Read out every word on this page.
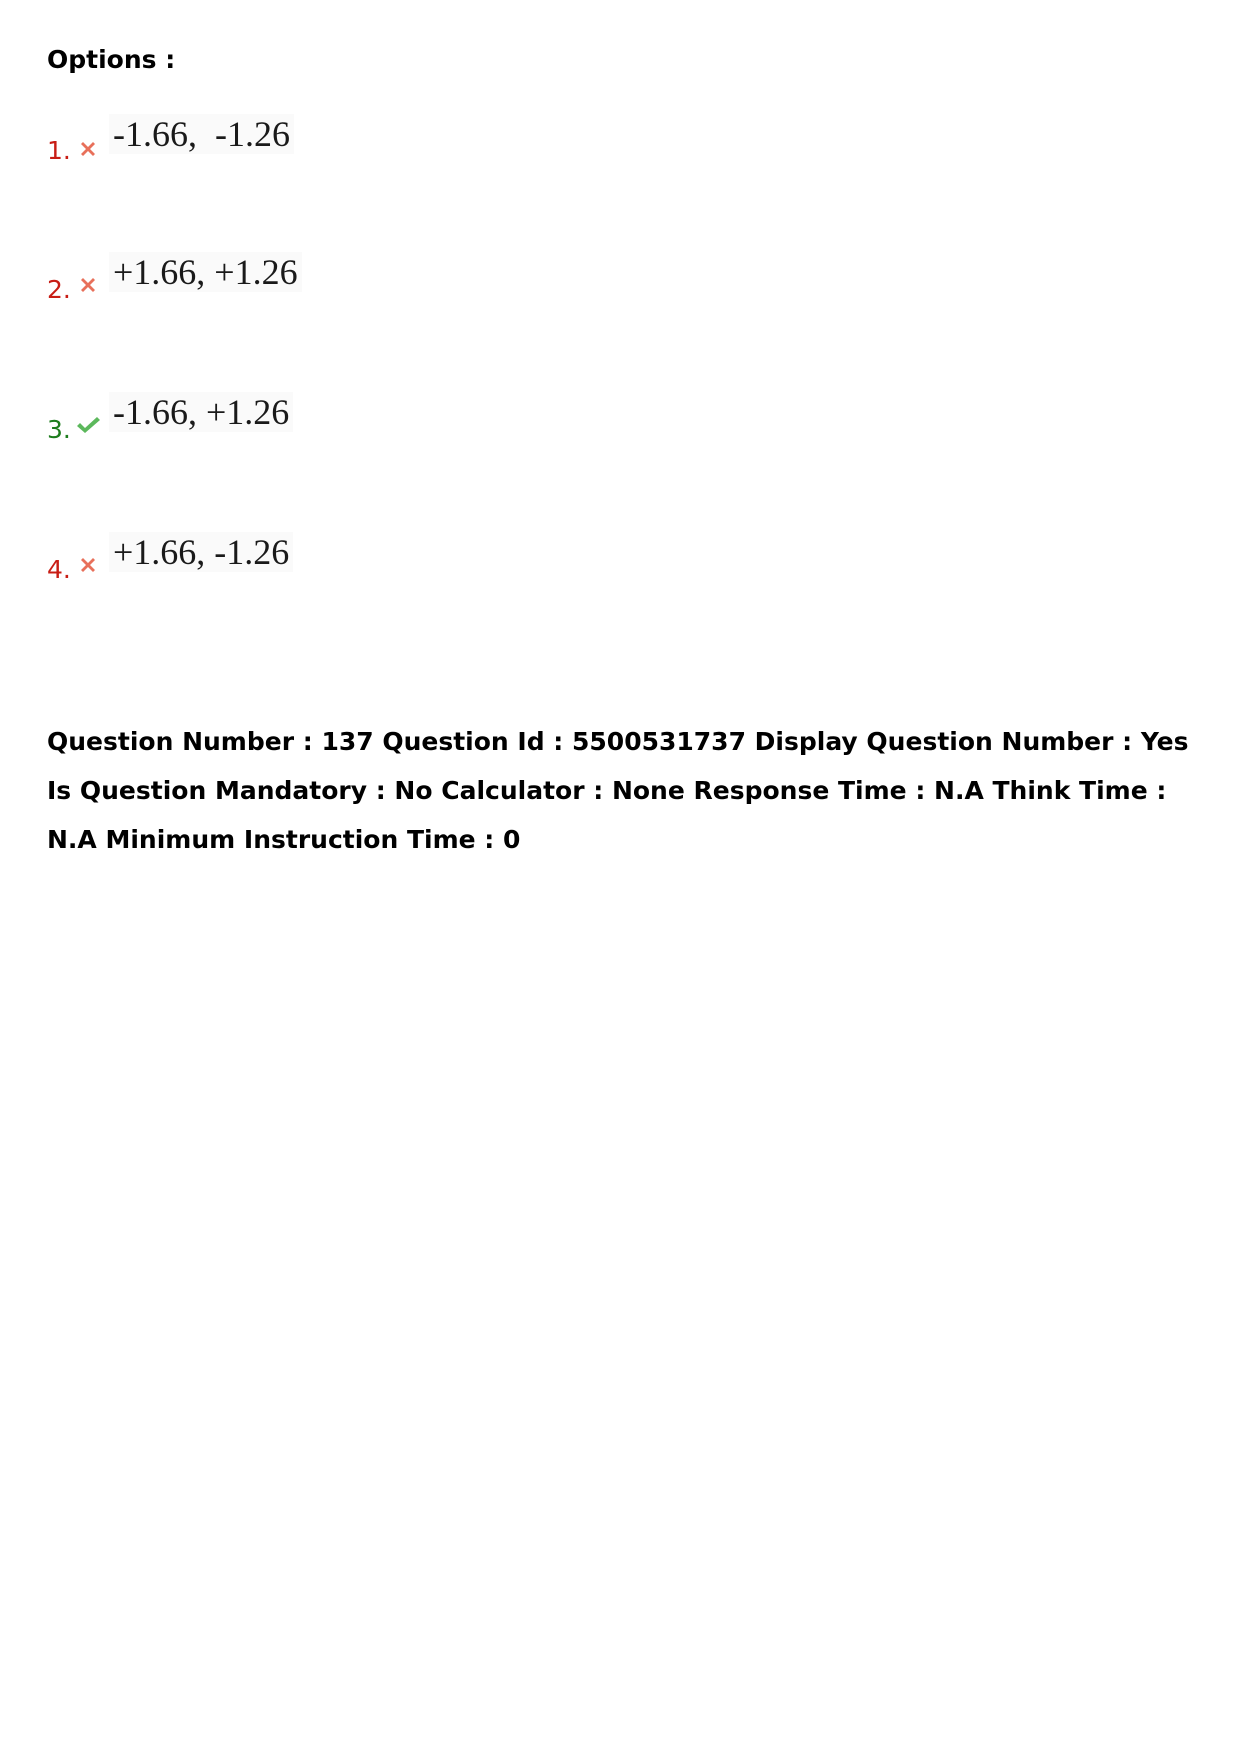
Options :
1. -1.66,  -1.26
2. +1.66, +1.26
3. -1.66, +1.26
4. +1.66, -1.26

Question Number : 137 Question Id : 5500531737 Display Question Number : Yes Is Question Mandatory : No Calculator : None Response Time : N.A Think Time : N.A Minimum Instruction Time : 0
